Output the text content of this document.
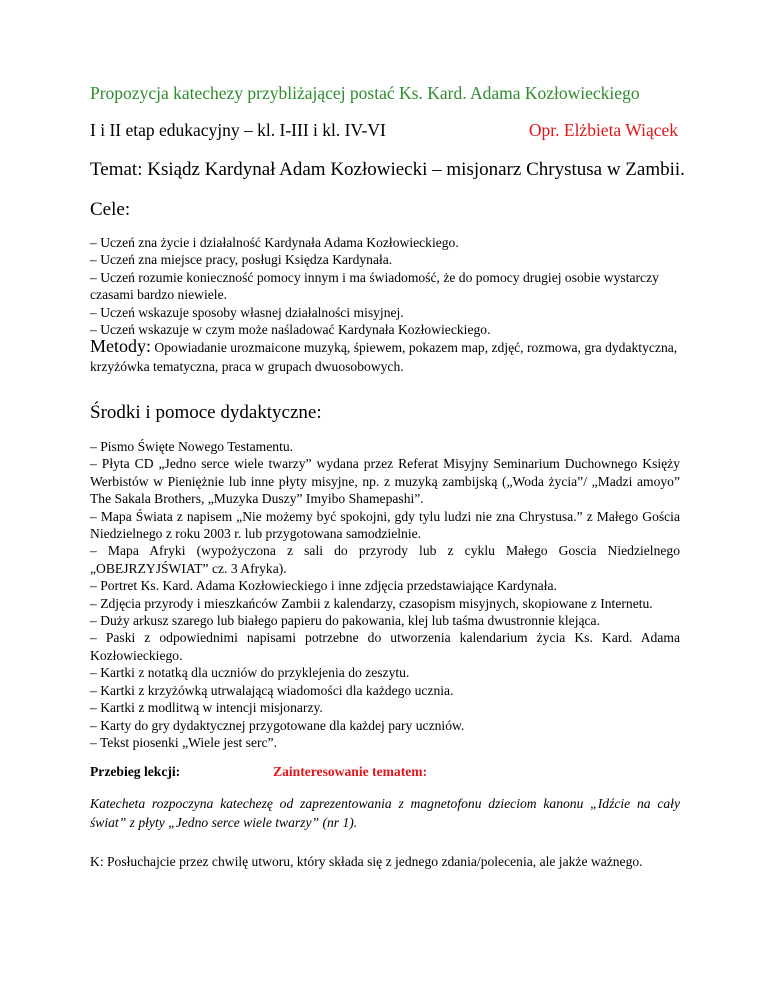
Propozycja katechezy przybliżającej postać Ks. Kard. Adama Kozłowieckiego
I i II etap edukacyjny – kl. I-III i kl. IV-VI	Opr. Elżbieta Wiącek
Temat: Ksiądz Kardynał Adam Kozłowiecki – misjonarz Chrystusa w Zambii.
Cele:
– Uczeń zna życie i działalność Kardynała Adama Kozłowieckiego.
– Uczeń zna miejsce pracy, posługi Księdza Kardynała.
– Uczeń rozumie konieczność pomocy innym i ma świadomość, że do pomocy drugiej osobie wystarczy czasami bardzo niewiele.
– Uczeń wskazuje sposoby własnej działalności misyjnej.
– Uczeń wskazuje w czym może naśladować Kardynała Kozłowieckiego.
Metody: Opowiadanie urozmaicone muzyką, śpiewem, pokazem map, zdjęć, rozmowa, gra dydaktyczna, krzyżówka tematyczna, praca w grupach dwuosobowych.
Środki i pomoce dydaktyczne:
– Pismo Święte Nowego Testamentu.
– Płyta CD „Jedno serce wiele twarzy” wydana przez Referat Misyjny Seminarium Duchownego Księży Werbistów w Pieniężnie lub inne płyty misyjne, np. z muzyką zambijską („Woda życia”/ „Madzi amoyo” The Sakala Brothers, „Muzyka Duszy” Imyibo Shamepashi”.
– Mapa Świata z napisem „Nie możemy być spokojni, gdy tylu ludzi nie zna Chrystusa.” z Małego Gościa Niedzielnego z roku 2003 r. lub przygotowana samodzielnie.
– Mapa Afryki (wypożyczona z sali do przyrody lub z cyklu Małego Goscia Niedzielnego „OBEJRZYJŚWIAT” cz. 3 Afryka).
– Portret Ks. Kard. Adama Kozłowieckiego i inne zdjęcia przedstawiające Kardynała.
– Zdjęcia przyrody i mieszkańców Zambii z kalendarzy, czasopism misyjnych, skopiowane z Internetu.
– Duży arkusz szarego lub białego papieru do pakowania, klej lub taśma dwustronnie klejąca.
– Paski z odpowiednimi napisami potrzebne do utworzenia kalendarium życia Ks. Kard. Adama Kozłowieckiego.
– Kartki z notatką dla uczniów do przyklejenia do zeszytu.
– Kartki z krzyżówką utrwalającą wiadomości dla każdego ucznia.
– Kartki z modlitwą w intencji misjonarzy.
– Karty do gry dydaktycznej przygotowane dla każdej pary uczniów.
– Tekst piosenki „Wiele jest serc”.
Przebieg lekcji:	Zainteresowanie tematem:
Katecheta rozpoczyna katechezę od zaprezentowania z magnetofonu dzieciom kanonu „Idźcie na cały świat” z płyty „Jedno serce wiele twarzy” (nr 1).
K: Posłuchajcie przez chwilę utworu, który składa się z jednego zdania/polecenia, ale jakże ważnego.
